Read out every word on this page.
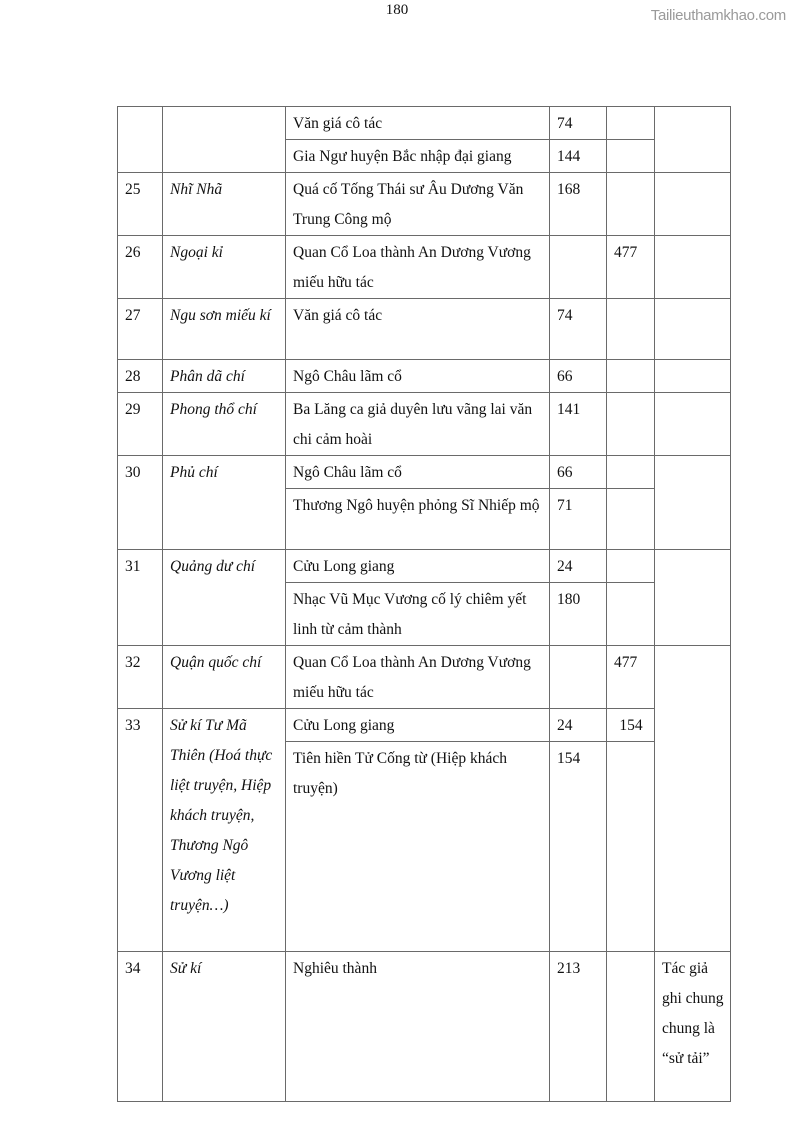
180	Tailieuthamkhao.com
		Văn giá cô tác	74		
		Gia Ngư huyện Bắc nhập đại giang	144		
25	Nhĩ Nhã	Quá cố Tống Thái sư Âu Dương Văn Trung Công mộ	168		
26	Ngoại kỉ	Quan Cổ Loa thành An Dương Vương miếu hữu tác		477	
27	Ngu sơn miếu kí	Văn giá cô tác	74		
28	Phân dã chí	Ngô Châu lãm cổ	66		
29	Phong thổ chí	Ba Lăng ca giả duyên lưu vãng lai văn chi cảm hoài	141		
30	Phủ chí	Ngô Châu lãm cổ	66		
		Thương Ngô huyện phỏng Sĩ Nhiếp mộ	71		
31	Quảng dư chí	Cửu Long giang	24		
		Nhạc Vũ Mục Vương cố lý chiêm yết linh từ cảm thành	180		
32	Quận quốc chí	Quan Cổ Loa thành An Dương Vương miếu hữu tác		477	
33	Sử kí Tư Mã Thiên (Hoá thực liệt truyện, Hiệp khách truyện, Thương Ngô Vương liệt truyện…)	Cửu Long giang	24	154	
		Tiên hiền Tử Cống từ (Hiệp khách truyện)	154		
34	Sử kí	Nghiêu thành	213		Tác giả ghi chung chung là “sử tải”
